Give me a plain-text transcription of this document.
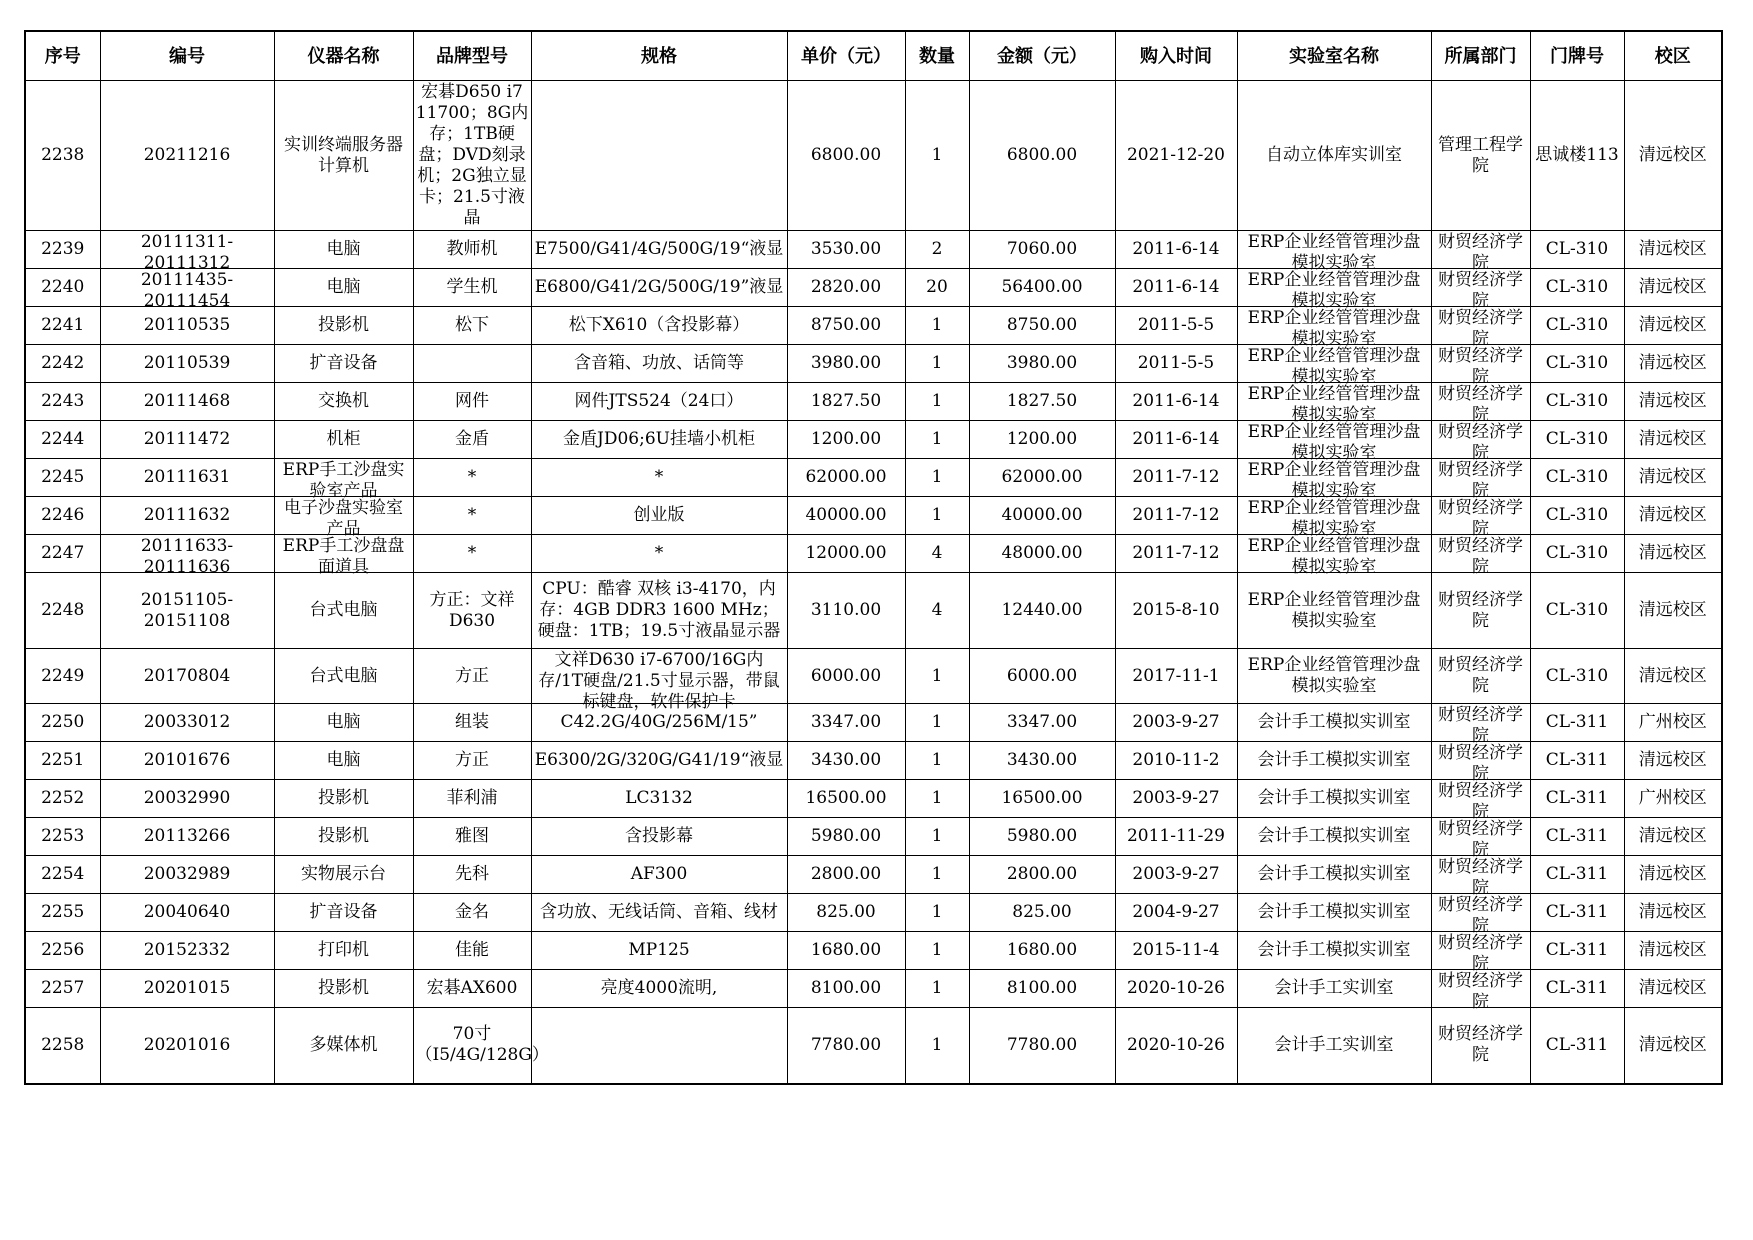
序号	编号	仪器名称	品牌型号	规格	单价（元）	数量	金额（元）	购入时间	实验室名称	所属部门	门牌号	校区

2238	20211216	实训终端服务器计算机	宏碁D650 i7 11700；8G内存；1TB硬盘；DVD刻录机；2G独立显卡；21.5寸液晶		6800.00	1	6800.00	2021-12-20	自动立体库实训室	管理工程学院	思诚楼113	清远校区

2239	20111311-20111312	电脑	教师机	E7500/G41/4G/500G/19“液显	3530.00	2	7060.00	2011-6-14	ERP企业经管管理沙盘模拟实验室	财贸经济学院	CL-310	清远校区

2240	20111435-20111454	电脑	学生机	E6800/G41/2G/500G/19”液显	2820.00	20	56400.00	2011-6-14	ERP企业经管管理沙盘模拟实验室	财贸经济学院	CL-310	清远校区

2241	20110535	投影机	松下	松下X610（含投影幕）	8750.00	1	8750.00	2011-5-5	ERP企业经管管理沙盘模拟实验室	财贸经济学院	CL-310	清远校区

2242	20110539	扩音设备		含音箱、功放、话筒等	3980.00	1	3980.00	2011-5-5	ERP企业经管管理沙盘模拟实验室	财贸经济学院	CL-310	清远校区

2243	20111468	交换机	网件	网件JTS524（24口）	1827.50	1	1827.50	2011-6-14	ERP企业经管管理沙盘模拟实验室	财贸经济学院	CL-310	清远校区

2244	20111472	机柜	金盾	金盾JD06;6U挂墙小机柜	1200.00	1	1200.00	2011-6-14	ERP企业经管管理沙盘模拟实验室	财贸经济学院	CL-310	清远校区

2245	20111631	ERP手工沙盘实验室产品	*	*	62000.00	1	62000.00	2011-7-12	ERP企业经管管理沙盘模拟实验室	财贸经济学院	CL-310	清远校区

2246	20111632	电子沙盘实验室产品	*	创业版	40000.00	1	40000.00	2011-7-12	ERP企业经管管理沙盘模拟实验室	财贸经济学院	CL-310	清远校区

2247	20111633-20111636	ERP手工沙盘盘面道具	*	*	12000.00	4	48000.00	2011-7-12	ERP企业经管管理沙盘模拟实验室	财贸经济学院	CL-310	清远校区

2248	20151105-20151108	台式电脑	方正：文祥D630	CPU：酷睿 双核 i3-4170，内存：4GB DDR3 1600 MHz；硬盘：1TB；19.5寸液晶显示器	3110.00	4	12440.00	2015-8-10	ERP企业经管管理沙盘模拟实验室	财贸经济学院	CL-310	清远校区

2249	20170804	台式电脑	方正	文祥D630 i7-6700/16G内存/1T硬盘/21.5寸显示器，带鼠标键盘，软件保护卡	6000.00	1	6000.00	2017-11-1	ERP企业经管管理沙盘模拟实验室	财贸经济学院	CL-310	清远校区

2250	20033012	电脑	组装	C42.2G/40G/256M/15”	3347.00	1	3347.00	2003-9-27	会计手工模拟实训室	财贸经济学院	CL-311	广州校区

2251	20101676	电脑	方正	E6300/2G/320G/G41/19“液显	3430.00	1	3430.00	2010-11-2	会计手工模拟实训室	财贸经济学院	CL-311	清远校区

2252	20032990	投影机	菲利浦	LC3132	16500.00	1	16500.00	2003-9-27	会计手工模拟实训室	财贸经济学院	CL-311	广州校区

2253	20113266	投影机	雅图	含投影幕	5980.00	1	5980.00	2011-11-29	会计手工模拟实训室	财贸经济学院	CL-311	清远校区

2254	20032989	实物展示台	先科	AF300	2800.00	1	2800.00	2003-9-27	会计手工模拟实训室	财贸经济学院	CL-311	清远校区

2255	20040640	扩音设备	金名	含功放、无线话筒、音箱、线材	825.00	1	825.00	2004-9-27	会计手工模拟实训室	财贸经济学院	CL-311	清远校区

2256	20152332	打印机	佳能	MP125	1680.00	1	1680.00	2015-11-4	会计手工模拟实训室	财贸经济学院	CL-311	清远校区

2257	20201015	投影机	宏碁AX600	亮度4000流明,	8100.00	1	8100.00	2020-10-26	会计手工实训室	财贸经济学院	CL-311	清远校区

2258	20201016	多媒体机	70寸（I5/4G/128G）		7780.00	1	7780.00	2020-10-26	会计手工实训室	财贸经济学院	CL-311	清远校区
